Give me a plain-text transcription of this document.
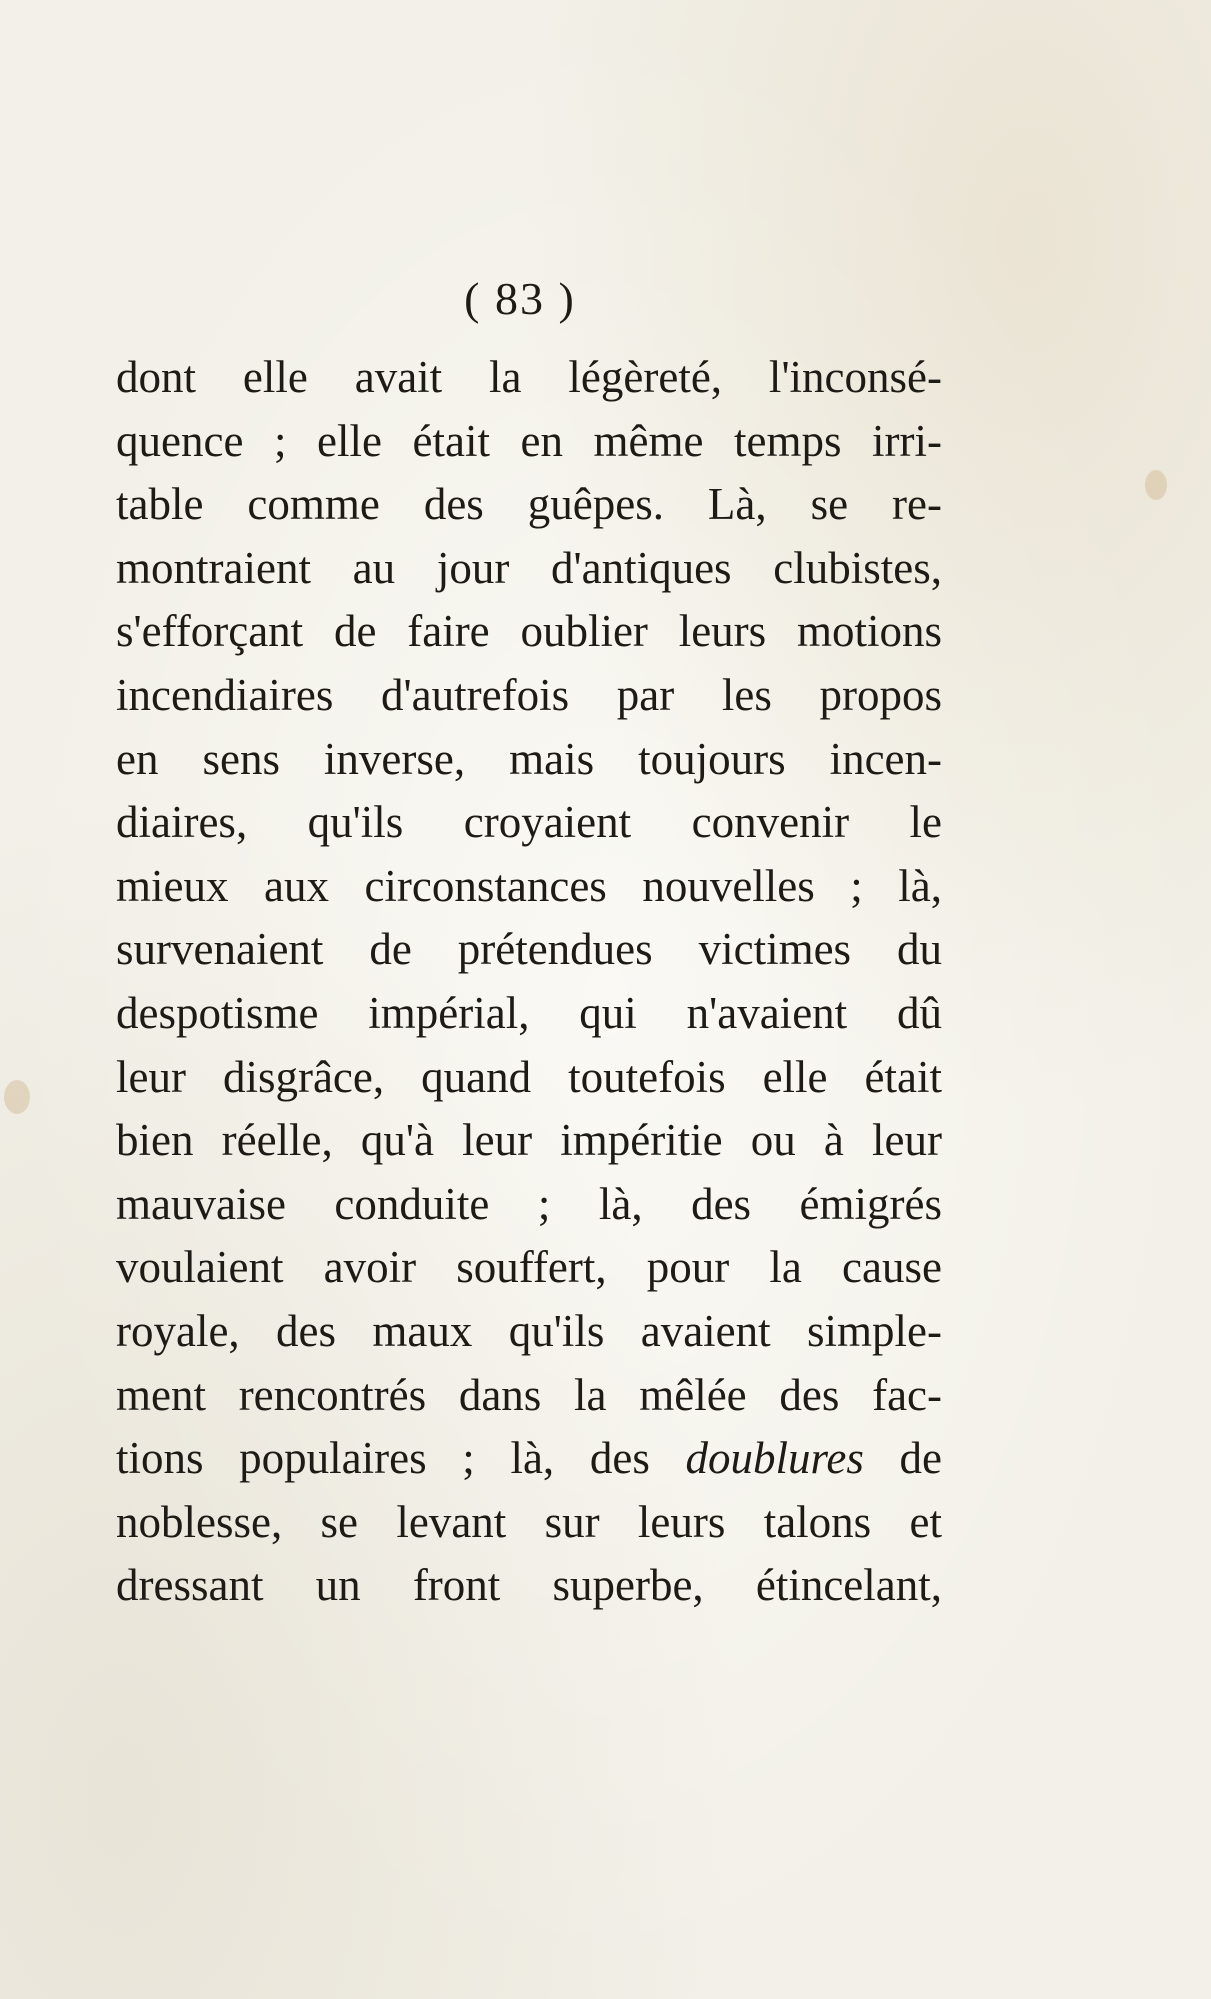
( 83 )
dont elle avait la légèreté, l'inconsé-
quence ; elle était en même temps irri-
table comme des guêpes. Là, se re-
montraient au jour d'antiques clubistes,
s'efforçant de faire oublier leurs motions
incendiaires d'autrefois par les propos
en sens inverse, mais toujours incen-
diaires, qu'ils croyaient convenir le
mieux aux circonstances nouvelles ; là,
survenaient de prétendues victimes du
despotisme impérial, qui n'avaient dû
leur disgrâce, quand toutefois elle était
bien réelle, qu'à leur impéritie ou à leur
mauvaise conduite ; là, des émigrés
voulaient avoir souffert, pour la cause
royale, des maux qu'ils avaient simple-
ment rencontrés dans la mêlée des fac-
tions populaires ; là, des doublures de
noblesse, se levant sur leurs talons et
dressant un front superbe, étincelant,
